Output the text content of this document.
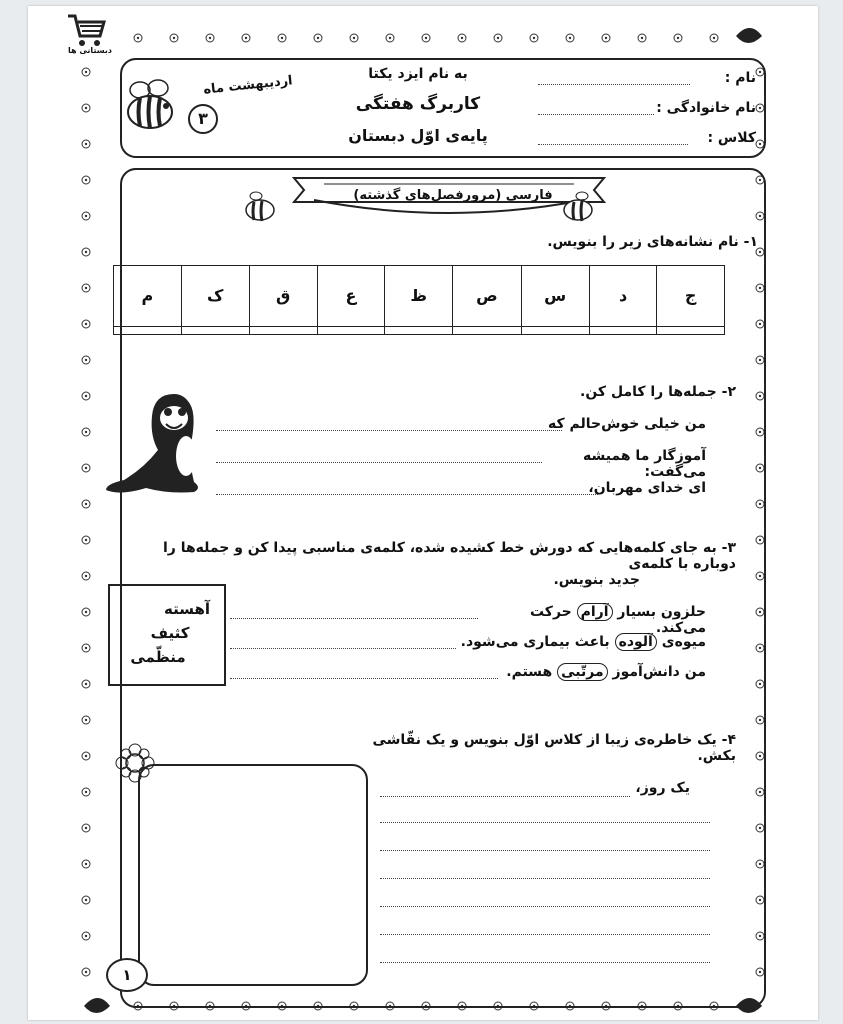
دبستانی ها
نام :
نام خانوادگی :
کلاس :
به نام ایزد یکتا
کاربرگ هفتگی
پایه‌ی اوّل دبستان
اردیبهشت ماه
۳
فارسی (مرورفصل‌های گذشته)
۱- نام نشانه‌های زیر را بنویس.
ج	د	س	ص	ظ	ع	ق	ک	م

۲- جمله‌ها را کامل کن.
من خیلی خوش‌حالم که
آموزگار ما همیشه می‌گفت:
ای خدای مهربان،
۳- به جای کلمه‌هایی که دورش خط کشیده شده، کلمه‌ی مناسبی پیدا کن و جمله‌ها را دوباره با کلمه‌ی
جدید بنویس.
حلزون بسیار آرام حرکت می‌کند.
میوه‌ی آلوده باعث بیماری می‌شود.
من دانش‌آموز مرتّبی هستم.
آهسته
کثیف
منظّمی
۴- یک خاطره‌ی زیبا از کلاس اوّل بنویس و یک نقّاشی بکش.
یک روز،
۱
